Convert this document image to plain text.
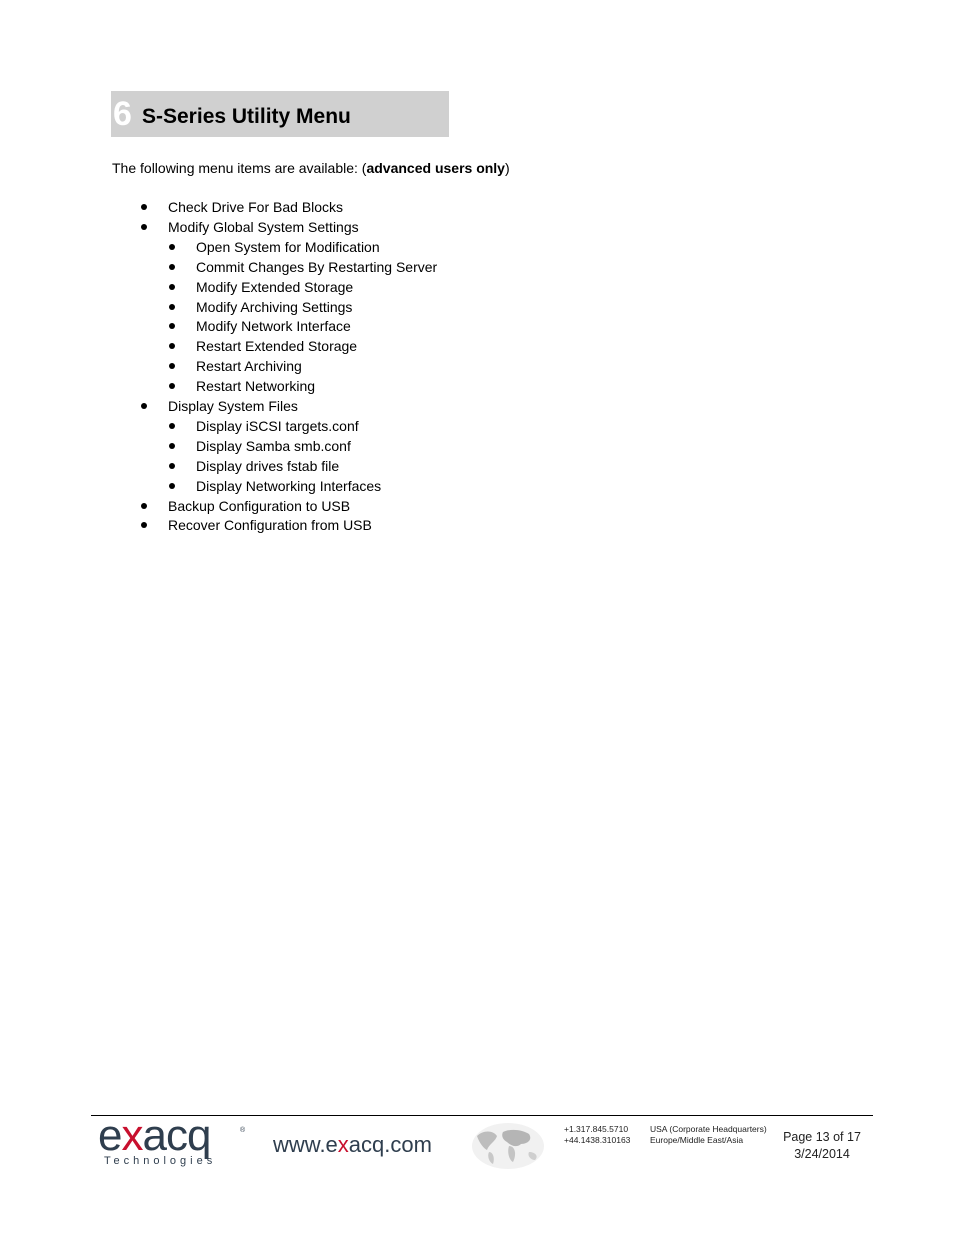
6 S-Series Utility Menu
The following menu items are available: (advanced users only)
Check Drive For Bad Blocks
Modify Global System Settings
Open System for Modification
Commit Changes By Restarting Server
Modify Extended Storage
Modify Archiving Settings
Modify Network Interface
Restart Extended Storage
Restart Archiving
Restart Networking
Display System Files
Display iSCSI targets.conf
Display Samba smb.conf
Display drives fstab file
Display Networking Interfaces
Backup Configuration to USB
Recover Configuration from USB
exacq	®
Technologies
www.exacq.com
+1.317.845.5710
+44.1438.310163
USA (Corporate Headquarters)
Europe/Middle East/Asia	Page 13 of 17
3/24/2014
